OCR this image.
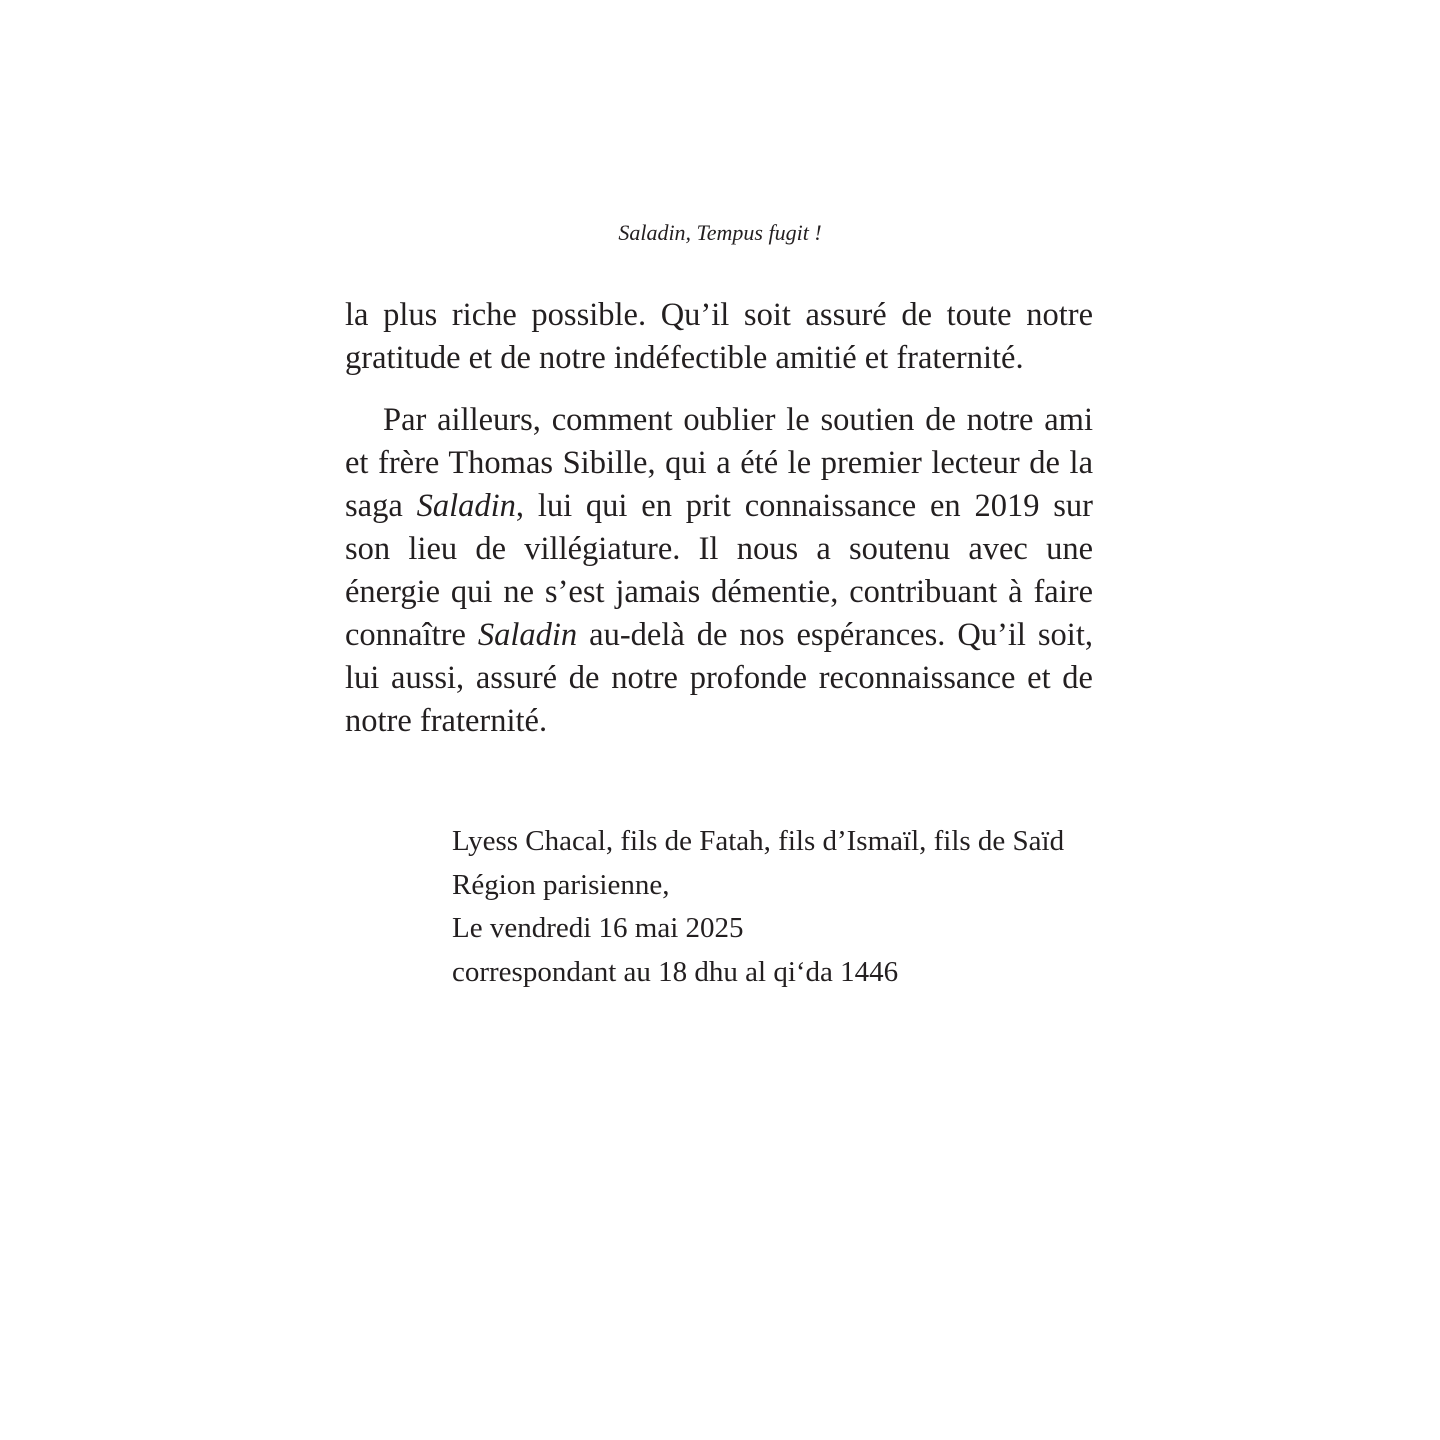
Saladin, Tempus fugit !

la plus riche possible. Qu’il soit assuré de toute notre gratitude et de notre indéfectible amitié et fraternité.

Par ailleurs, comment oublier le soutien de notre ami et frère Thomas Sibille, qui a été le premier lecteur de la saga Saladin, lui qui en prit connaissance en 2019 sur son lieu de villégiature. Il nous a soutenu avec une énergie qui ne s’est jamais démentie, contribuant à faire connaître Saladin au-delà de nos espérances. Qu’il soit, lui aussi, assuré de notre profonde reconnaissance et de notre fraternité.

Lyess Chacal, fils de Fatah, fils d’Ismaïl, fils de Saïd
Région parisienne,
Le vendredi 16 mai 2025
correspondant au 18 dhu al qi‘da 1446
